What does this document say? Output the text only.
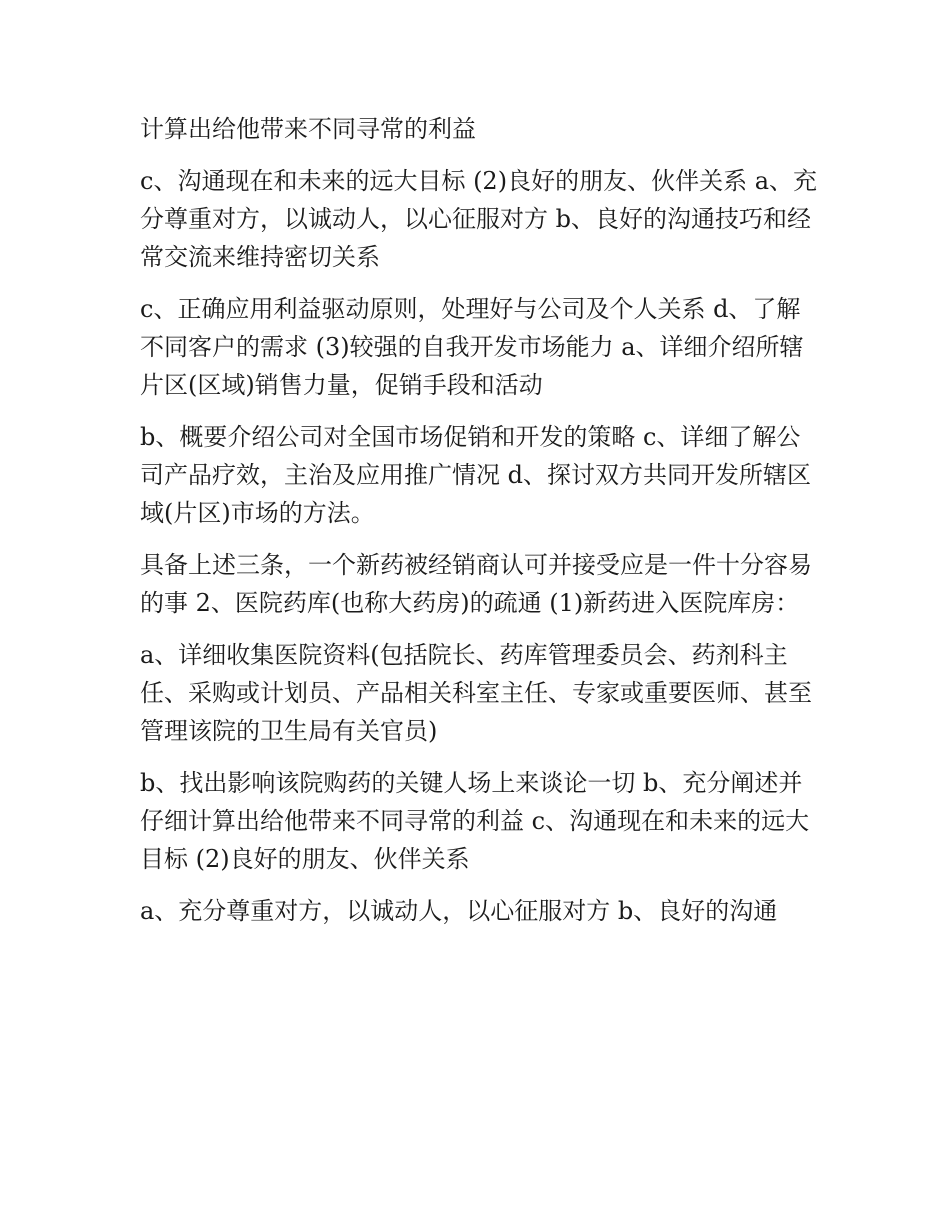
计算出给他带来不同寻常的利益

c、沟通现在和未来的远大目标 (2)良好的朋友、伙伴关系 a、充分尊重对方，以诚动人，以心征服对方 b、良好的沟通技巧和经常交流来维持密切关系

c、正确应用利益驱动原则，处理好与公司及个人关系 d、了解不同客户的需求 (3)较强的自我开发市场能力 a、详细介绍所辖片区(区域)销售力量，促销手段和活动

b、概要介绍公司对全国市场促销和开发的策略 c、详细了解公司产品疗效，主治及应用推广情况 d、探讨双方共同开发所辖区域(片区)市场的方法。

具备上述三条，一个新药被经销商认可并接受应是一件十分容易的事 2、医院药库(也称大药房)的疏通 (1)新药进入医院库房：

a、详细收集医院资料(包括院长、药库管理委员会、药剂科主任、采购或计划员、产品相关科室主任、专家或重要医师、甚至管理该院的卫生局有关官员)

b、找出影响该院购药的关键人场上来谈论一切 b、充分阐述并仔细计算出给他带来不同寻常的利益 c、沟通现在和未来的远大目标 (2)良好的朋友、伙伴关系

a、充分尊重对方，以诚动人，以心征服对方 b、良好的沟通
